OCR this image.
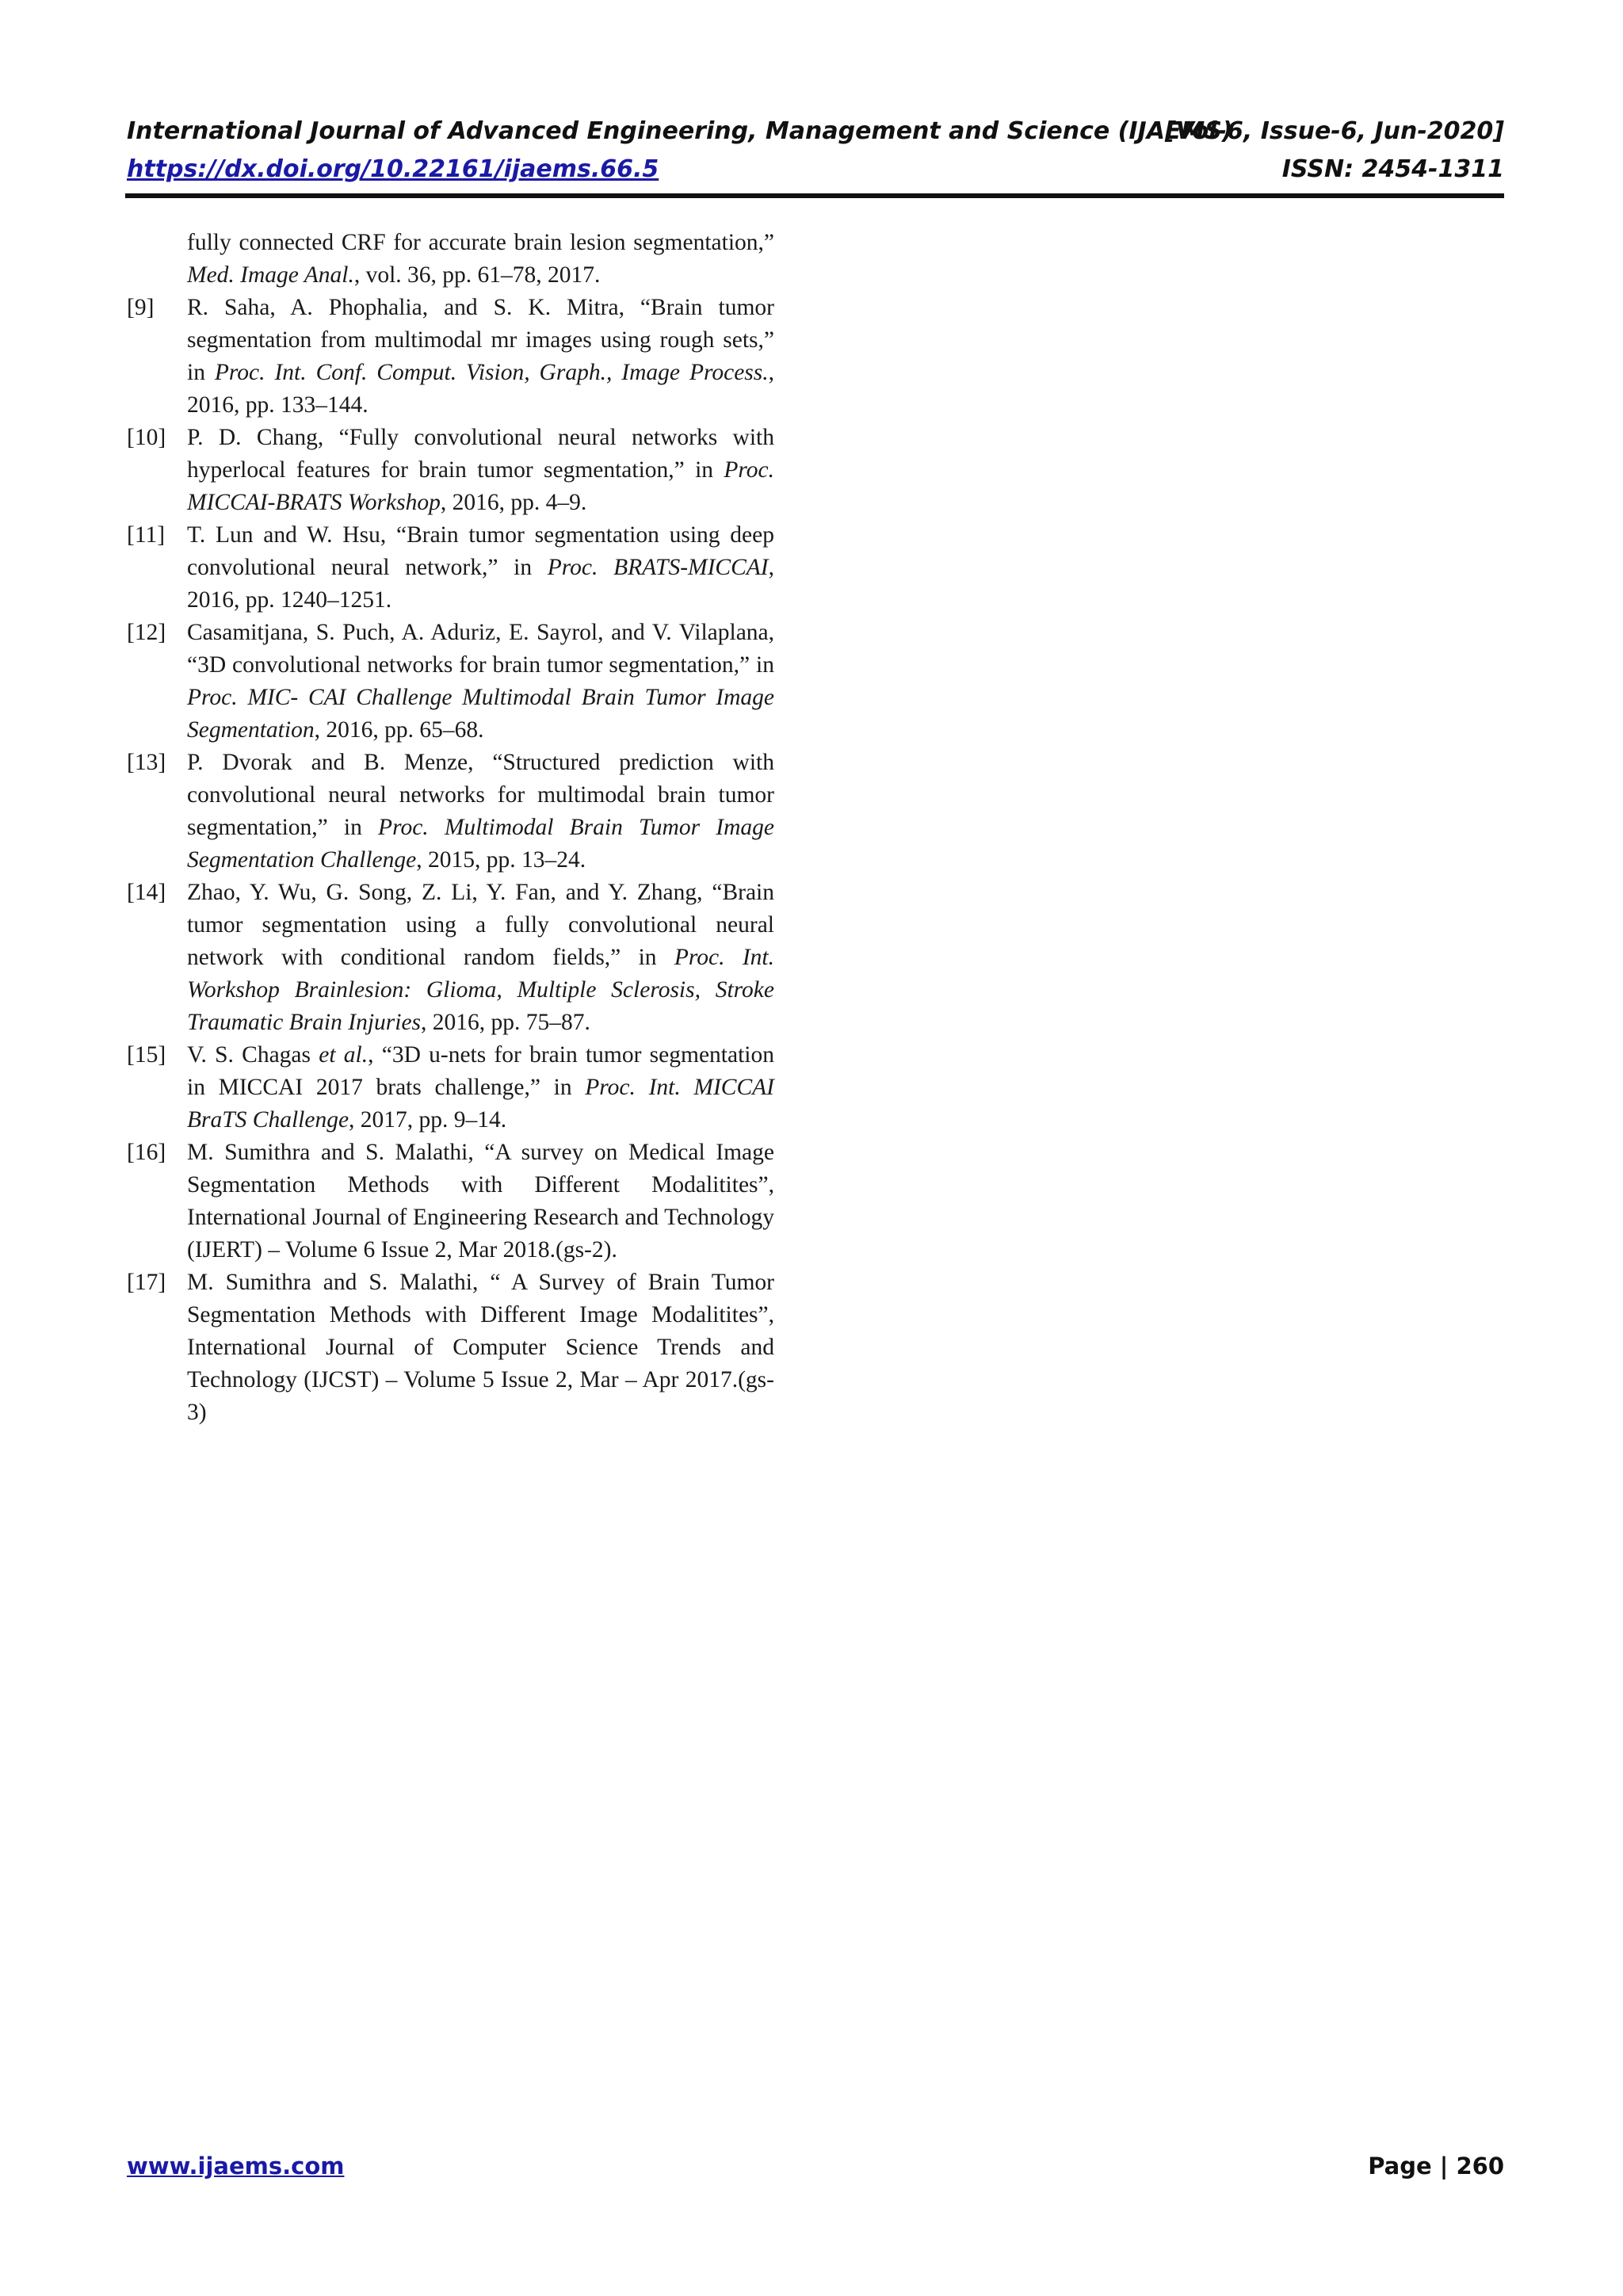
International Journal of Advanced Engineering, Management and Science (IJAEMS)
[Vol-6, Issue-6, Jun-2020]
https://dx.doi.org/10.22161/ijaems.66.5	ISSN: 2454-1311
fully connected CRF for accurate brain lesion segmentation,” Med. Image Anal., vol. 36, pp. 61–78, 2017.
[9]	R. Saha, A. Phophalia, and S. K. Mitra, “Brain tumor segmentation from multimodal mr images using rough sets,” in Proc. Int. Conf. Comput. Vision, Graph., Image Process., 2016, pp. 133–144.
[10] P. D. Chang, “Fully convolutional neural networks with hyperlocal features for brain tumor segmentation,” in Proc. MICCAI-BRATS Workshop, 2016, pp. 4–9.
[11] T. Lun and W. Hsu, “Brain tumor segmentation using deep convolutional neural network,” in Proc. BRATS-MICCAI, 2016, pp. 1240–1251.
[12] Casamitjana, S. Puch, A. Aduriz, E. Sayrol, and V. Vilaplana, “3D convolutional networks for brain tumor segmentation,” in Proc. MIC- CAI Challenge Multimodal Brain Tumor Image Segmentation, 2016, pp. 65–68.
[13] P. Dvorak and B. Menze, “Structured prediction with convolutional neural networks for multimodal brain tumor segmentation,” in Proc. Multimodal Brain Tumor Image Segmentation Challenge, 2015, pp. 13–24.
[14] Zhao, Y. Wu, G. Song, Z. Li, Y. Fan, and Y. Zhang, “Brain tumor segmentation using a fully convolutional neural network with conditional random fields,” in Proc. Int. Workshop Brainlesion: Glioma, Multiple Sclerosis, Stroke Traumatic Brain Injuries, 2016, pp. 75–87.
[15] V. S. Chagas et al., “3D u-nets for brain tumor segmentation in MICCAI 2017 brats challenge,” in Proc. Int. MICCAI BraTS Challenge, 2017, pp. 9–14.
[16] M. Sumithra and S. Malathi, “A survey on Medical Image Segmentation Methods with Different Modalitites”, International Journal of Engineering Research and Technology (IJERT) – Volume 6 Issue 2, Mar 2018.(gs-2).
[17] M. Sumithra and S. Malathi, “ A Survey of Brain Tumor Segmentation Methods with Different Image Modalitites”, International Journal of Computer Science Trends and Technology (IJCST) – Volume 5 Issue 2, Mar – Apr 2017.(gs-3)
www.ijaems.com	Page | 260
